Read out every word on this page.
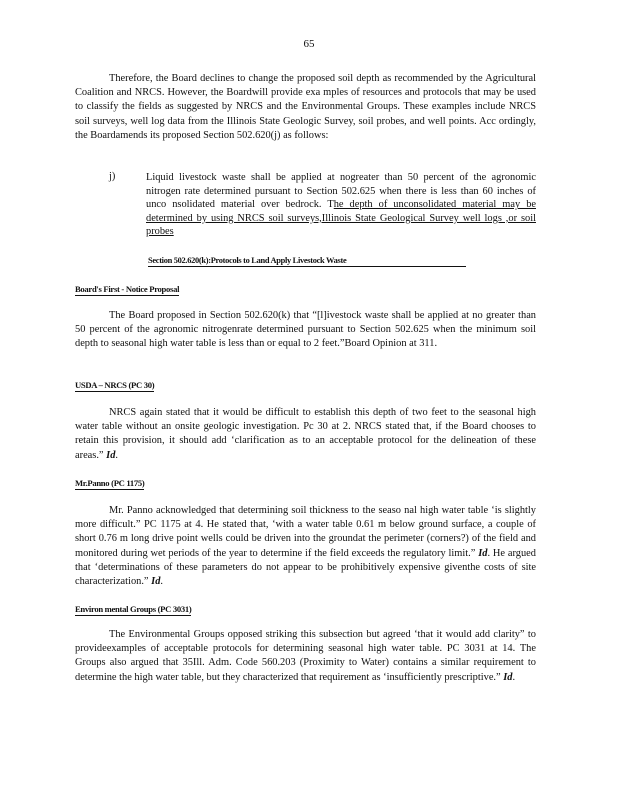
65
Therefore, the Board declines to change the proposed soil depth as recommended by the Agricultural Coalition and NRCS. However, the Boardwill provide exa mples of resources and protocols that may be used to classify the fields as suggested by NRCS and the Environmental Groups. These examples include NRCS soil surveys, well log data from the Illinois State Geologic Survey, soil probes, and well points. Acc ordingly, the Boardamends its proposed Section 502.620(j) as follows:
j)	Liquid livestock waste shall be applied at nogreater than 50 percent of the agronomic nitrogen rate determined pursuant to Section 502.625 when there is less than 60 inches of unco nsolidated material over bedrock. The depth of unconsolidated material may be determined by using NRCS soil surveys,Illinois State Geological Survey well logs ,or soil probes
Section 502.620(k):Protocols to Land Apply Livestock Waste
Board's First - Notice Proposal
The Board proposed in Section 502.620(k) that “[l]ivestock waste shall be applied at no greater than 50 percent of the agronomic nitrogenrate determined pursuant to Section 502.625 when the minimum soil depth to seasonal high water table is less than or equal to 2 feet.”Board Opinion at 311.
USDA – NRCS (PC 30)
NRCS again stated that it would be difficult to establish this depth of two feet to the seasonal high water table without an onsite geologic investigation. Pc 30 at 2. NRCS stated that, if the Board chooses to retain this provision, it should add ‘clarification as to an acceptable protocol for the delineation of these areas.” Id.
Mr.Panno (PC 1175)
Mr. Panno acknowledged that determining soil thickness to the seaso nal high water table ‘is slightly more difficult.” PC 1175 at 4. He stated that, ‘with a water table 0.61 m below ground surface, a couple of short 0.76 m long drive point wells could be driven into the groundat the perimeter (corners?) of the field and monitored during wet periods of the year to determine if the field exceeds the regulatory limit.” Id. He argued that ‘determinations of these parameters do not appear to be prohibitively expensive giventhe costs of site characterization.” Id.
Environ mental Groups (PC 3031)
The Environmental Groups opposed striking this subsection but agreed ‘that it would add clarity” to provideexamples of acceptable protocols for determining seasonal high water table. PC 3031 at 14. The Groups also argued that 35Ill. Adm. Code 560.203 (Proximity to Water) contains a similar requirement to determine the high water table, but they characterized that requirement as ‘insufficiently prescriptive.” Id.
